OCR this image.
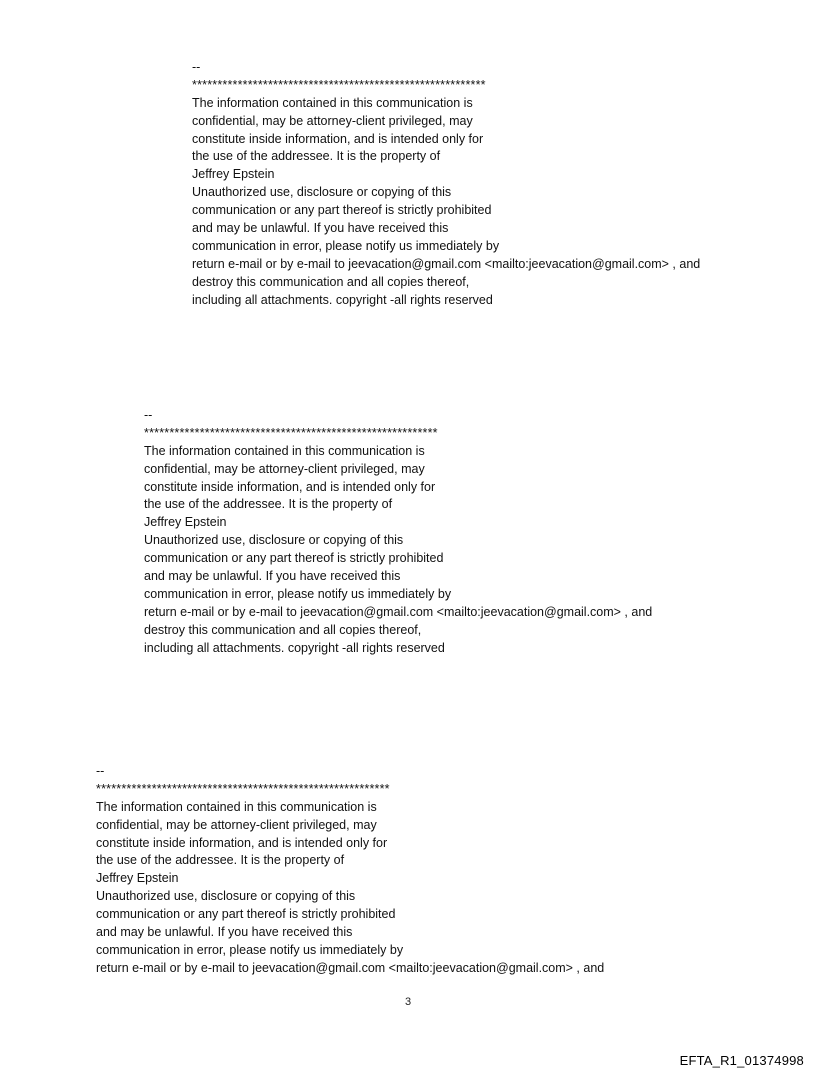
--
**********************************************************
The information contained in this communication is
confidential, may be attorney-client privileged, may
constitute inside information, and is intended only for
the use of the addressee. It is the property of
Jeffrey Epstein
Unauthorized use, disclosure or copying of this
communication or any part thereof is strictly prohibited
and may be unlawful. If you have received this
communication in error, please notify us immediately by
return e-mail or by e-mail to jeevacation@gmail.com <mailto:jeevacation@gmail.com> , and
destroy this communication and all copies thereof,
including all attachments. copyright -all rights reserved
--
**********************************************************
The information contained in this communication is
confidential, may be attorney-client privileged, may
constitute inside information, and is intended only for
the use of the addressee. It is the property of
Jeffrey Epstein
Unauthorized use, disclosure or copying of this
communication or any part thereof is strictly prohibited
and may be unlawful. If you have received this
communication in error, please notify us immediately by
return e-mail or by e-mail to jeevacation@gmail.com <mailto:jeevacation@gmail.com> , and
destroy this communication and all copies thereof,
including all attachments. copyright -all rights reserved
--
**********************************************************
The information contained in this communication is
confidential, may be attorney-client privileged, may
constitute inside information, and is intended only for
the use of the addressee. It is the property of
Jeffrey Epstein
Unauthorized use, disclosure or copying of this
communication or any part thereof is strictly prohibited
and may be unlawful. If you have received this
communication in error, please notify us immediately by
return e-mail or by e-mail to jeevacation@gmail.com <mailto:jeevacation@gmail.com> , and
3
EFTA_R1_01374998
